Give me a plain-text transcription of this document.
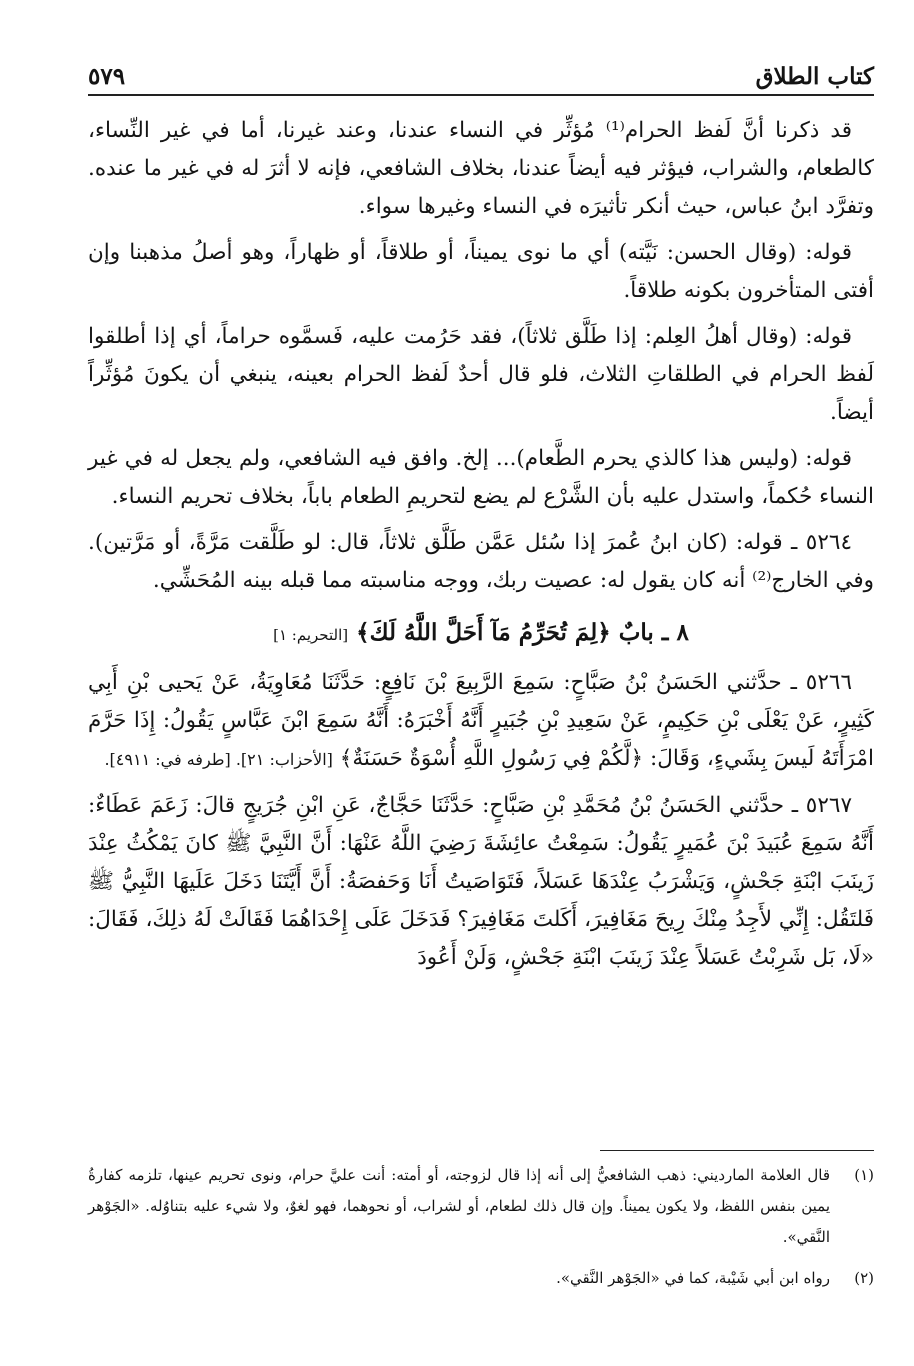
كتاب الطلاق
٥٧٩

قد ذكرنا أنَّ لَفظ الحرام⁽¹⁾ مُؤثِّر في النساء عندنا، وعند غيرنا، أما في غير النِّساء، كالطعام، والشراب، فيؤثر فيه أيضاً عندنا، بخلاف الشافعي، فإنه لا أثرَ له في غير ما عنده. وتفرَّد ابنُ عباس، حيث أنكر تأثيرَه في النساء وغيرها سواء.

قوله: (وقال الحسن: نَيَّته) أي ما نوى يميناً، أو طلاقاً، أو ظهاراً، وهو أصلُ مذهبنا وإن أفتى المتأخرون بكونه طلاقاً.

قوله: (وقال أهلُ العِلم: إذا طَلَّق ثلاثاً)، فقد حَرُمت عليه، فَسمَّوه حراماً، أي إذا أطلقوا لَفظ الحرام في الطلقاتِ الثلاث، فلو قال أحدٌ لَفظ الحرام بعينه، ينبغي أن يكونَ مُؤثِّراً أيضاً.

قوله: (وليس هذا كالذي يحرم الطَّعام)... إلخ. وافق فيه الشافعي، ولم يجعل له في غير النساء حُكماً، واستدل عليه بأن الشَّرْع لم يضع لتحريمِ الطعام باباً، بخلاف تحريم النساء.

٥٢٦٤ ـ قوله: (كان ابنُ عُمرَ إذا سُئل عَمَّن طَلَّق ثلاثاً، قال: لو طَلَّقت مَرَّةً، أو مَرَّتين). وفي الخارج⁽²⁾ أنه كان يقول له: عصيت ربك، ووجه مناسبته مما قبله بينه المُحَشِّي.

٨ ـ بابٌ ﴿لِمَ تُحَرِّمُ مَآ أَحَلَّ اللَّهُ لَكَ﴾ [التحريم: ١]

٥٢٦٦ ـ حدَّثني الحَسَنُ بْنُ صَبَّاحٍ: سَمِعَ الرَّبِيعَ بْنَ نَافِعٍ: حَدَّثَنَا مُعَاوِيَةُ، عَنْ يَحيى بْنِ أَبِي كَثِيرٍ، عَنْ يَعْلَى بْنِ حَكِيمٍ، عَنْ سَعِيدِ بْنِ جُبَيرٍ أَنَّهُ أَخْبَرَهُ: أَنَّهُ سَمِعَ ابْنَ عَبَّاسٍ يَقُولُ: إِذَا حَرَّمَ امْرَأَتَهُ لَيسَ بِشَيءٍ، وَقَالَ: ﴿لَّكُمْ فِي رَسُولِ اللَّهِ أُسْوَةٌ حَسَنَةٌ﴾ [الأحزاب: ٢١]. [طرفه في: ٤٩١١].

٥٢٦٧ ـ حدَّثني الحَسَنُ بْنُ مُحَمَّدِ بْنِ صَبَّاحٍ: حَدَّثَنَا حَجَّاجٌ، عَنِ ابْنِ جُرَيجٍ قالَ: زَعَمَ عَطَاءٌ: أَنَّهُ سَمِعَ عُبَيدَ بْنَ عُمَيرٍ يَقُولُ: سَمِعْتُ عائِشَةَ رَضِيَ اللَّهُ عَنْهَا: أَنَّ النَّبِيَّ ﷺ كانَ يَمْكُثُ عِنْدَ زَينَبَ ابْنَةِ جَحْشٍ، وَيَشْرَبُ عِنْدَهَا عَسَلاً، فَتَوَاصَيتُ أَنَا وَحَفصَةُ: أَنَّ أَيَّتَنَا دَخَلَ عَلَيهَا النَّبِيُّ ﷺ فَلتَقُل: إِنِّي لأَجِدُ مِنْكَ رِيحَ مَغَافِيرَ، أَكَلتَ مَغَافِيرَ؟ فَدَخَلَ عَلَى إِحْدَاهُمَا فَقَالَتْ لَهُ ذلِكَ، فَقَالَ: «لَا، بَل شَرِبْتُ عَسَلاً عِنْدَ زَينَبَ ابْنَةِ جَحْشٍ، وَلَنْ أَعُودَ

(١)
قال العلامة المارديني: ذهب الشافعيُّ إلى أنه إذا قال لزوجته، أو أمته: أنت عليَّ حرام، ونوى تحريم عينها، تلزمه كفارةُ يمين بنفس اللفظ، ولا يكون يميناً. وإن قال ذلك لطعام، أو لشراب، أو نحوهما، فهو لغوٌ، ولا شيء عليه بتناوُله. «الجَوْهر النَّقي».
(٢)
رواه ابن أبي شَيْبة، كما في «الجَوْهر النَّقي».
